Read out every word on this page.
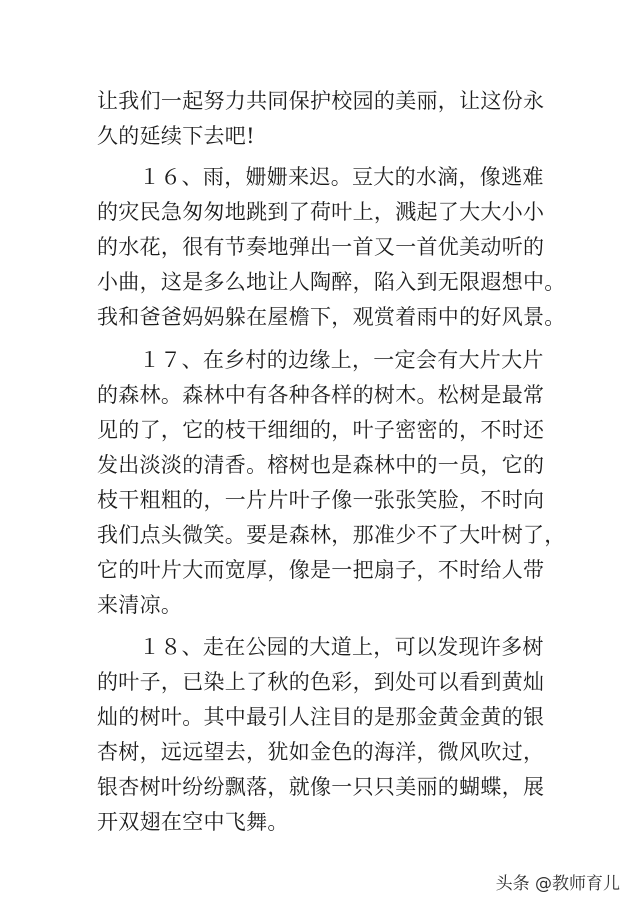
让我们一起努力共同保护校园的美丽，让这份永
久的延续下去吧!
１６、雨，姗姗来迟。豆大的水滴，像逃难
的灾民急匆匆地跳到了荷叶上，溅起了大大小小
的水花，很有节奏地弹出一首又一首优美动听的
小曲，这是多么地让人陶醉，陷入到无限遐想中。
我和爸爸妈妈躲在屋檐下，观赏着雨中的好风景。
１７、在乡村的边缘上，一定会有大片大片
的森林。森林中有各种各样的树木。松树是最常
见的了，它的枝干细细的，叶子密密的，不时还
发出淡淡的清香。榕树也是森林中的一员，它的
枝干粗粗的，一片片叶子像一张张笑脸，不时向
我们点头微笑。要是森林，那准少不了大叶树了，
它的叶片大而宽厚，像是一把扇子，不时给人带
来清凉。
１８、走在公园的大道上，可以发现许多树
的叶子，已染上了秋的色彩，到处可以看到黄灿
灿的树叶。其中最引人注目的是那金黄金黄的银
杏树，远远望去，犹如金色的海洋，微风吹过，
银杏树叶纷纷飘落，就像一只只美丽的蝴蝶，展
开双翅在空中飞舞。
头条 @教师育儿
